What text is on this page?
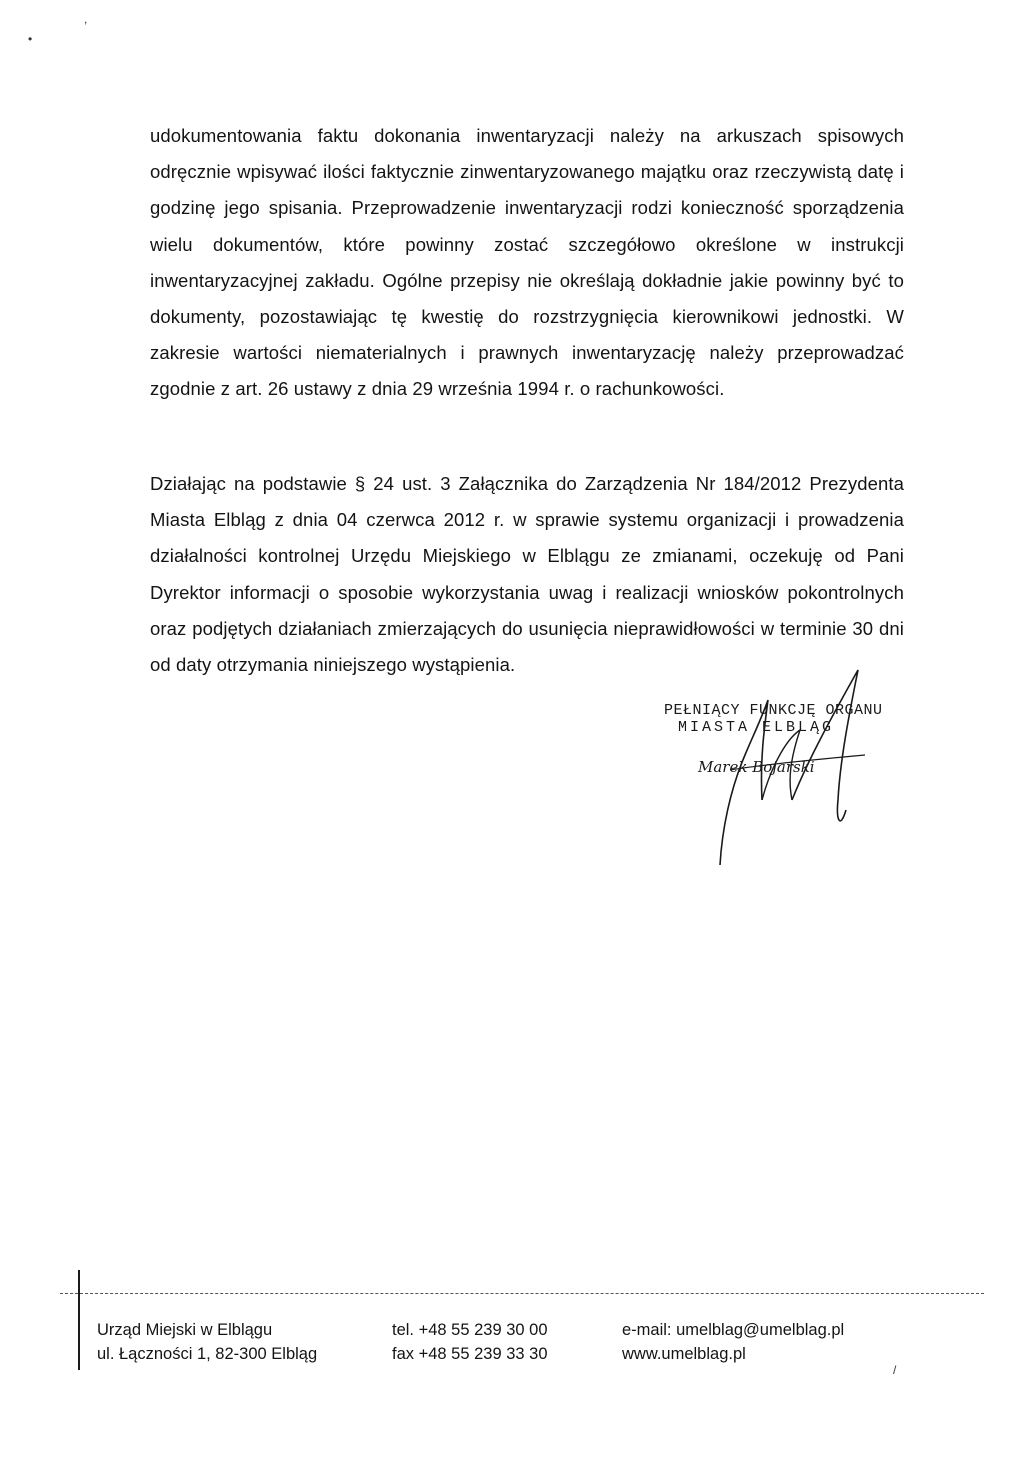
•
,

udokumentowania faktu dokonania inwentaryzacji należy na arkuszach spisowych odręcznie wpisywać ilości faktycznie zinwentaryzowanego majątku oraz rzeczywistą datę i godzinę jego spisania. Przeprowadzenie inwentaryzacji rodzi konieczność sporządzenia wielu dokumentów, które powinny zostać szczegółowo określone w instrukcji inwentaryzacyjnej zakładu. Ogólne przepisy nie określają dokładnie jakie powinny być to dokumenty, pozostawiając tę kwestię do rozstrzygnięcia kierownikowi jednostki. W zakresie wartości niematerialnych i prawnych inwentaryzację należy przeprowadzać zgodnie z art. 26 ustawy z dnia 29 września 1994 r. o rachunkowości.

Działając na podstawie § 24 ust. 3 Załącznika do Zarządzenia Nr 184/2012 Prezydenta Miasta Elbląg z dnia 04 czerwca 2012 r. w sprawie systemu organizacji i prowadzenia działalności kontrolnej Urzędu Miejskiego w Elblągu ze zmianami, oczekuję od Pani Dyrektor informacji o sposobie wykorzystania uwag i realizacji wniosków pokontrolnych oraz podjętych działaniach zmierzających do usunięcia nieprawidłowości w terminie 30 dni od daty otrzymania niniejszego wystąpienia.

PEŁNIĄCY FUNKCJĘ ORGANU
MIASTA ELBLĄG
Marek Bojarski
Urząd Miejski w Elblągu
ul. Łączności 1, 82-300 Elbląg
tel. +48 55 239 30 00
fax +48 55 239 33 30
e-mail: umelblag@umelblag.pl
www.umelblag.pl
/
